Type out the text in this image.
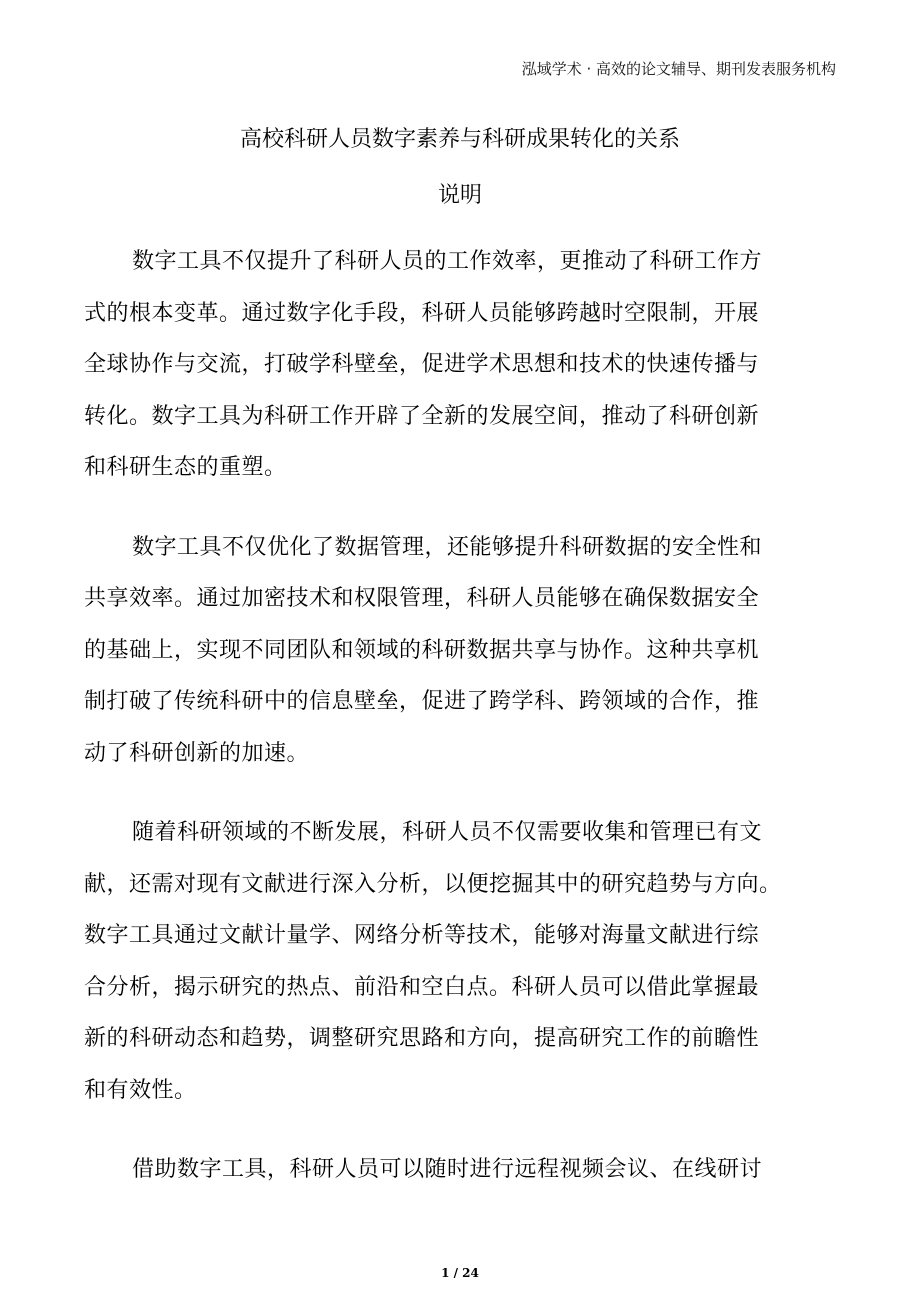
泓域学术 · 高效的论文辅导、期刊发表服务机构
高校科研人员数字素养与科研成果转化的关系
说明

数字工具不仅提升了科研人员的工作效率，更推动了科研工作方
式的根本变革。通过数字化手段，科研人员能够跨越时空限制，开展
全球协作与交流，打破学科壁垒，促进学术思想和技术的快速传播与
转化。数字工具为科研工作开辟了全新的发展空间，推动了科研创新
和科研生态的重塑。

数字工具不仅优化了数据管理，还能够提升科研数据的安全性和
共享效率。通过加密技术和权限管理，科研人员能够在确保数据安全
的基础上，实现不同团队和领域的科研数据共享与协作。这种共享机
制打破了传统科研中的信息壁垒，促进了跨学科、跨领域的合作，推
动了科研创新的加速。

随着科研领域的不断发展，科研人员不仅需要收集和管理已有文
献，还需对现有文献进行深入分析，以便挖掘其中的研究趋势与方向。
数字工具通过文献计量学、网络分析等技术，能够对海量文献进行综
合分析，揭示研究的热点、前沿和空白点。科研人员可以借此掌握最
新的科研动态和趋势，调整研究思路和方向，提高研究工作的前瞻性
和有效性。

借助数字工具，科研人员可以随时进行远程视频会议、在线研讨

1 / 24
